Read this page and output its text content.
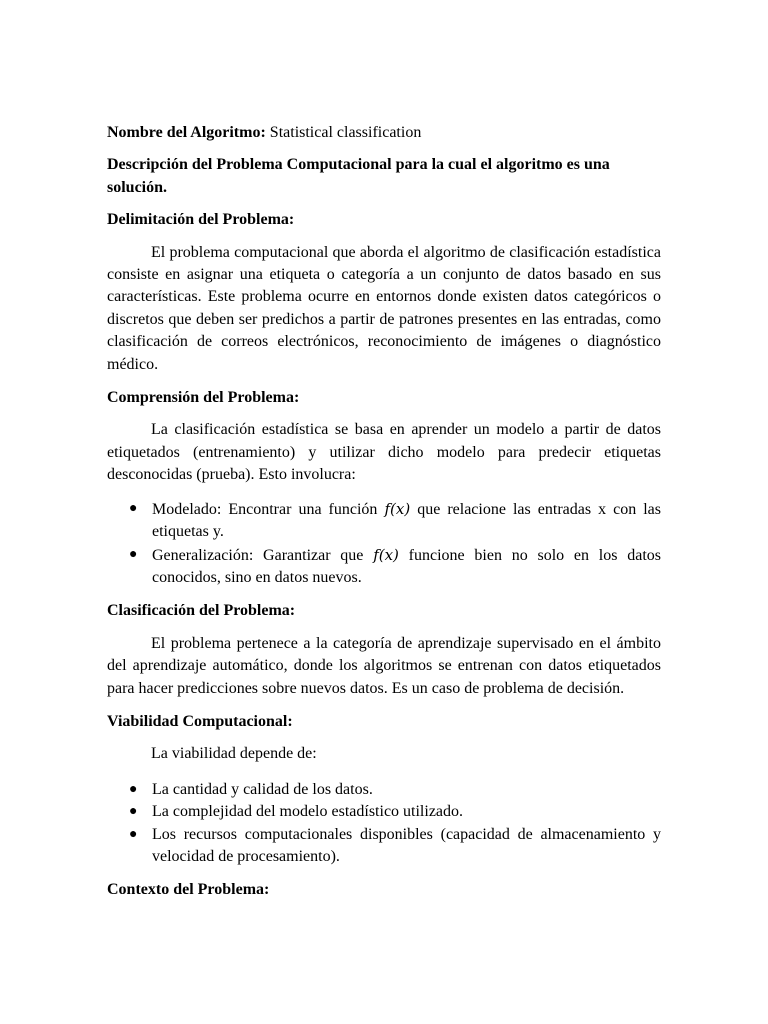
Nombre del Algoritmo: Statistical classification

Descripción del Problema Computacional para la cual el algoritmo es una solución.

Delimitación del Problema:

El problema computacional que aborda el algoritmo de clasificación estadística consiste en asignar una etiqueta o categoría a un conjunto de datos basado en sus características. Este problema ocurre en entornos donde existen datos categóricos o discretos que deben ser predichos a partir de patrones presentes en las entradas, como clasificación de correos electrónicos, reconocimiento de imágenes o diagnóstico médico.

Comprensión del Problema:

La clasificación estadística se basa en aprender un modelo a partir de datos etiquetados (entrenamiento) y utilizar dicho modelo para predecir etiquetas desconocidas (prueba). Esto involucra:

● Modelado: Encontrar una función f(x) que relacione las entradas x con las etiquetas y.
● Generalización: Garantizar que f(x) funcione bien no solo en los datos conocidos, sino en datos nuevos.

Clasificación del Problema:

El problema pertenece a la categoría de aprendizaje supervisado en el ámbito del aprendizaje automático, donde los algoritmos se entrenan con datos etiquetados para hacer predicciones sobre nuevos datos. Es un caso de problema de decisión.

Viabilidad Computacional:

La viabilidad depende de:

● La cantidad y calidad de los datos.
● La complejidad del modelo estadístico utilizado.
● Los recursos computacionales disponibles (capacidad de almacenamiento y velocidad de procesamiento).

Contexto del Problema:
